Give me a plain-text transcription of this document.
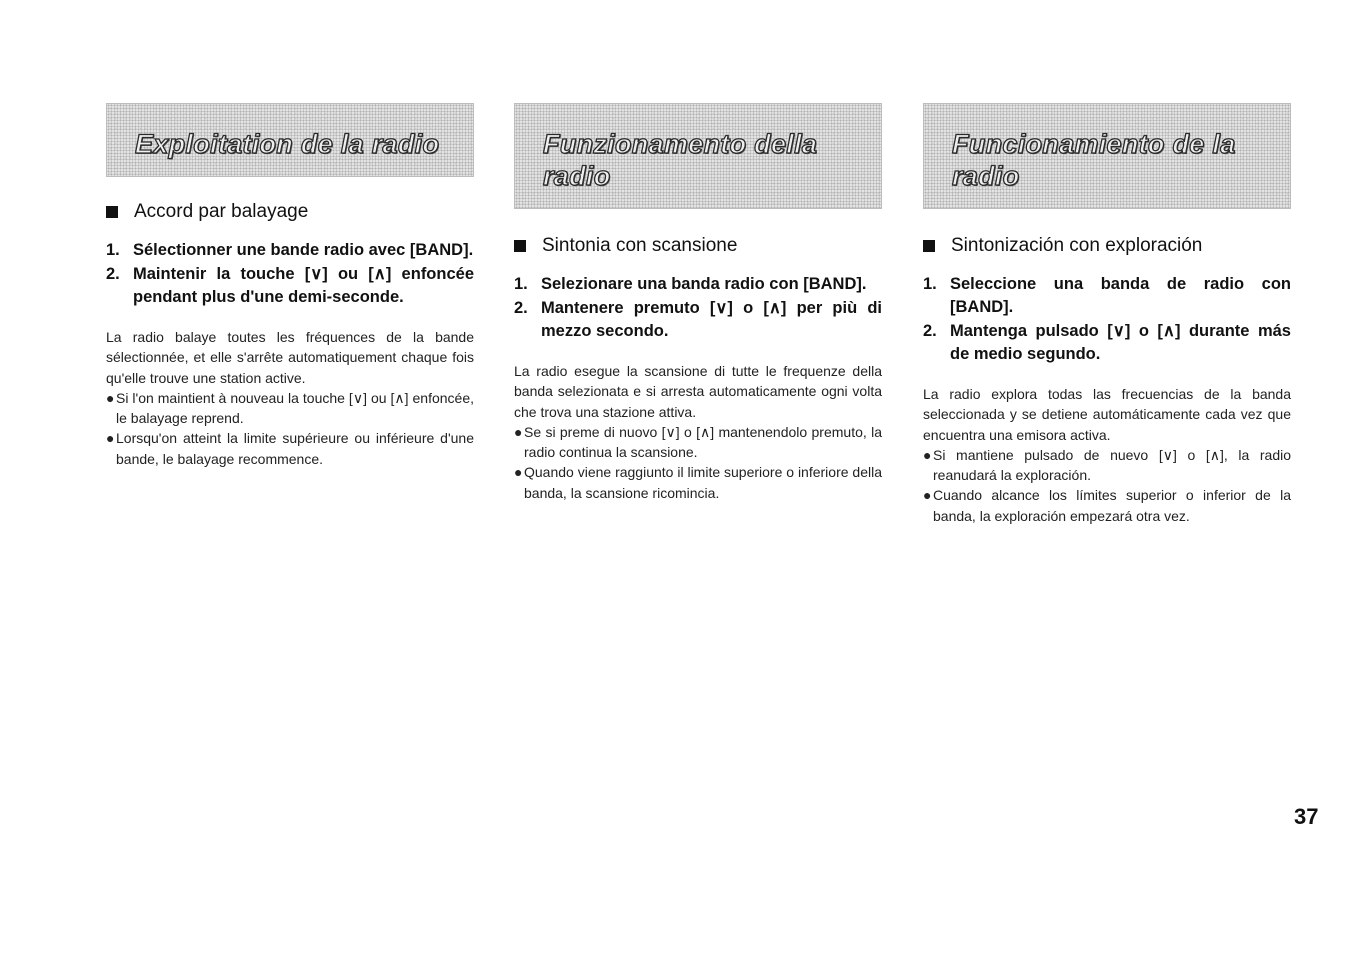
Exploitation de la radio
Accord par balayage
1. Sélectionner une bande radio avec [BAND].
2. Maintenir la touche [∨] ou [∧] enfoncée pendant plus d'une demi-seconde.

La radio balaye toutes les fréquences de la bande sélectionnée, et elle s'arrête automatiquement chaque fois qu'elle trouve une station active.

● Si l'on maintient à nouveau la touche [∨] ou [∧] enfoncée, le balayage reprend.
● Lorsqu'on atteint la limite supérieure ou inférieure d'une bande, le balayage recommence.
Funzionamento della radio
Sintonia con scansione
1. Selezionare una banda radio con [BAND].
2. Mantenere premuto [∨] o [∧] per più di mezzo secondo.

La radio esegue la scansione di tutte le frequenze della banda selezionata e si arresta automaticamente ogni volta che trova una stazione attiva.

● Se si preme di nuovo [∨] o [∧] mantenendolo premuto, la radio continua la scansione.
● Quando viene raggiunto il limite superiore o inferiore della banda, la scansione ricomincia.
Funcionamiento de la radio
Sintonización con exploración
1. Seleccione una banda de radio con [BAND].
2. Mantenga pulsado [∨] o [∧] durante más de medio segundo.

La radio explora todas las frecuencias de la banda seleccionada y se detiene automáticamente cada vez que encuentra una emisora activa.

● Si mantiene pulsado de nuevo [∨] o [∧], la radio reanudará la exploración.
● Cuando alcance los límites superior o inferior de la banda, la exploración empezará otra vez.
37
